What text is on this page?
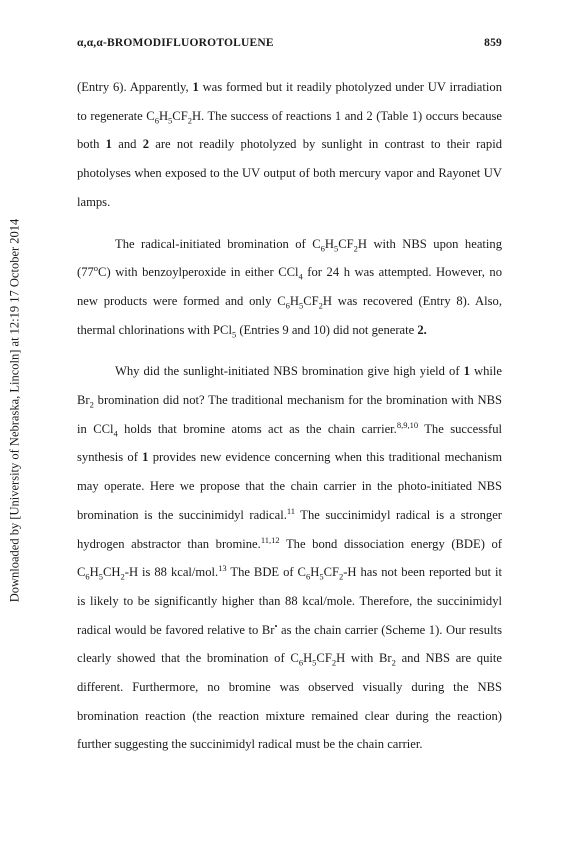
Downloaded by [University of Nebraska, Lincoln] at 12:19 17 October 2014
α,α,α-BROMODIFLUOROTOLUENE	859

(Entry 6). Apparently, 1 was formed but it readily photolyzed under UV irradiation to regenerate $C_6H_5CF_2H$. The success of reactions 1 and 2 (Table 1) occurs because both 1 and 2 are not readily photolyzed by sunlight in contrast to their rapid photolyses when exposed to the UV output of both mercury vapor and Rayonet UV lamps.

The radical-initiated bromination of $C_6H_5CF_2H$ with NBS upon heating (77$^o$C) with benzoylperoxide in either CCl$_4$ for 24 h was attempted. However, no new products were formed and only $C_6H_5CF_2H$ was recovered (Entry 8). Also, thermal chlorinations with PCl$_5$ (Entries 9 and 10) did not generate 2.

Why did the sunlight-initiated NBS bromination give high yield of 1 while $Br_2$ bromination did not? The traditional mechanism for the bromination with NBS in CCl$_4$ holds that bromine atoms act as the chain carrier.$^{8,9,10}$ The successful synthesis of 1 provides new evidence concerning when this traditional mechanism may operate. Here we propose that the chain carrier in the photo-initiated NBS bromination is the succinimidyl radical.$^{11}$ The succinimidyl radical is a stronger hydrogen abstractor than bromine.$^{11,12}$ The bond dissociation energy (BDE) of $C_6H_5CH_2-H$ is 88 kcal/mol.$^{13}$ The BDE of $C_6H_5CF_2-H$ has not been reported but it is likely to be significantly higher than 88 kcal/mole. Therefore, the succinimidyl radical would be favored relative to Br• as the chain carrier (Scheme 1). Our results clearly showed that the bromination of $C_6H_5CF_2H$ with $Br_2$ and NBS are quite different. Furthermore, no bromine was observed visually during the NBS bromination reaction (the reaction mixture remained clear during the reaction) further suggesting the succinimidyl radical must be the chain carrier.
